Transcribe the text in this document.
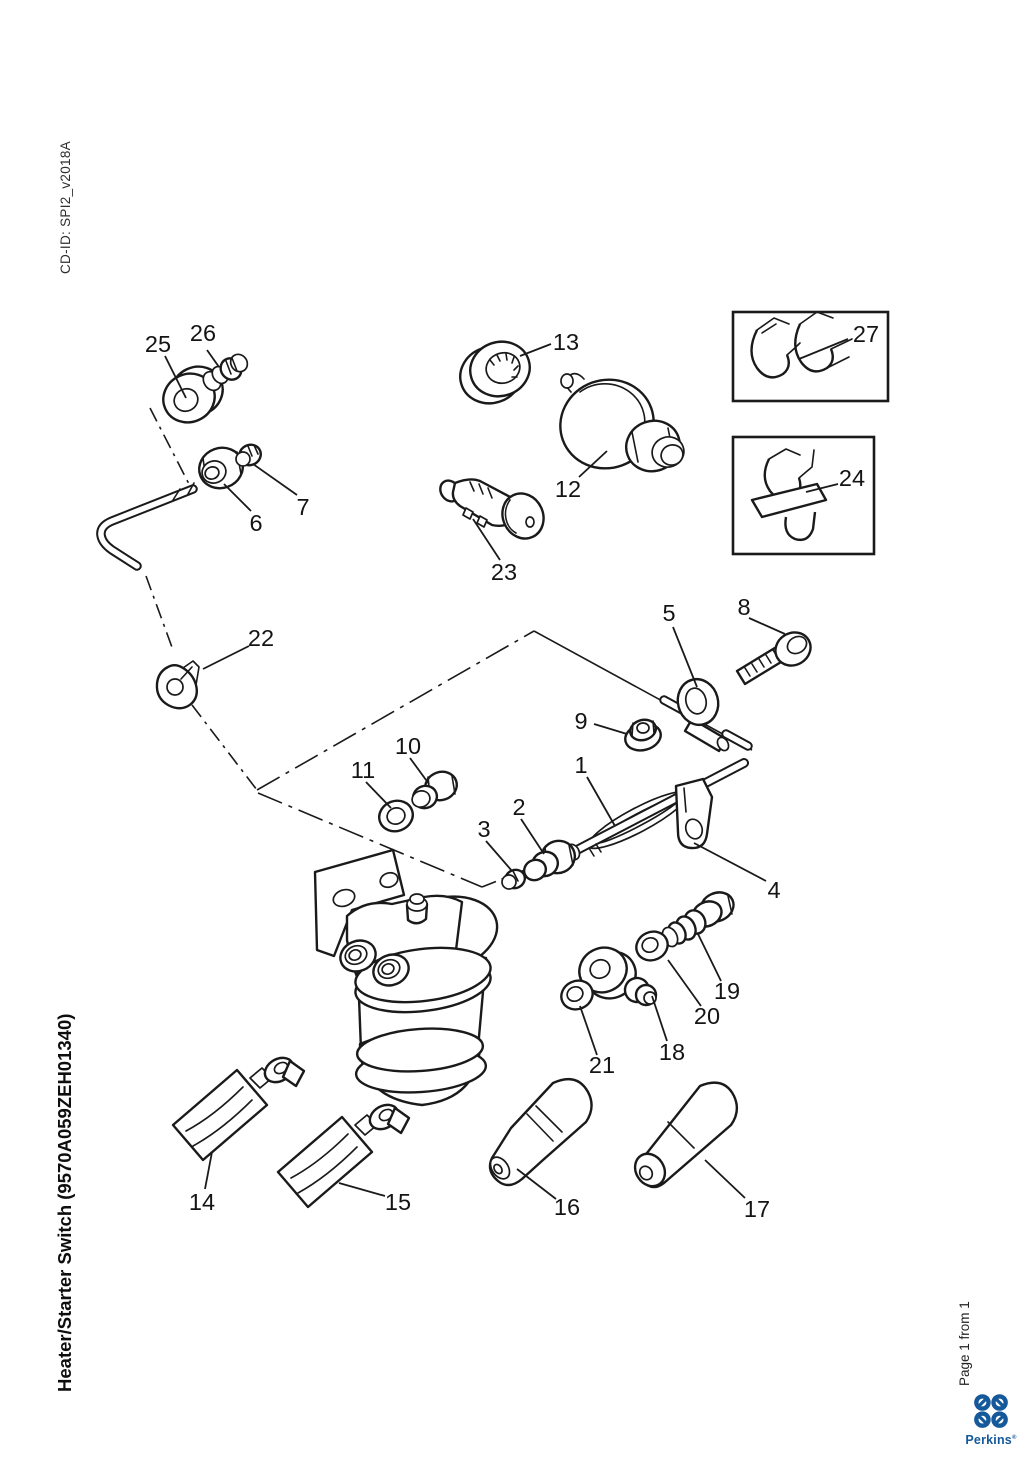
CD-ID: SPI2_v2018A
Heater/Starter Switch (9570A059ZEH01340)	Page 1 from 1
1
2
3
4
5
6
7
8
9
10
11
12
13
14	15	16	17
18
19
20
21
22
23
24
25 26	27
Perkins®
